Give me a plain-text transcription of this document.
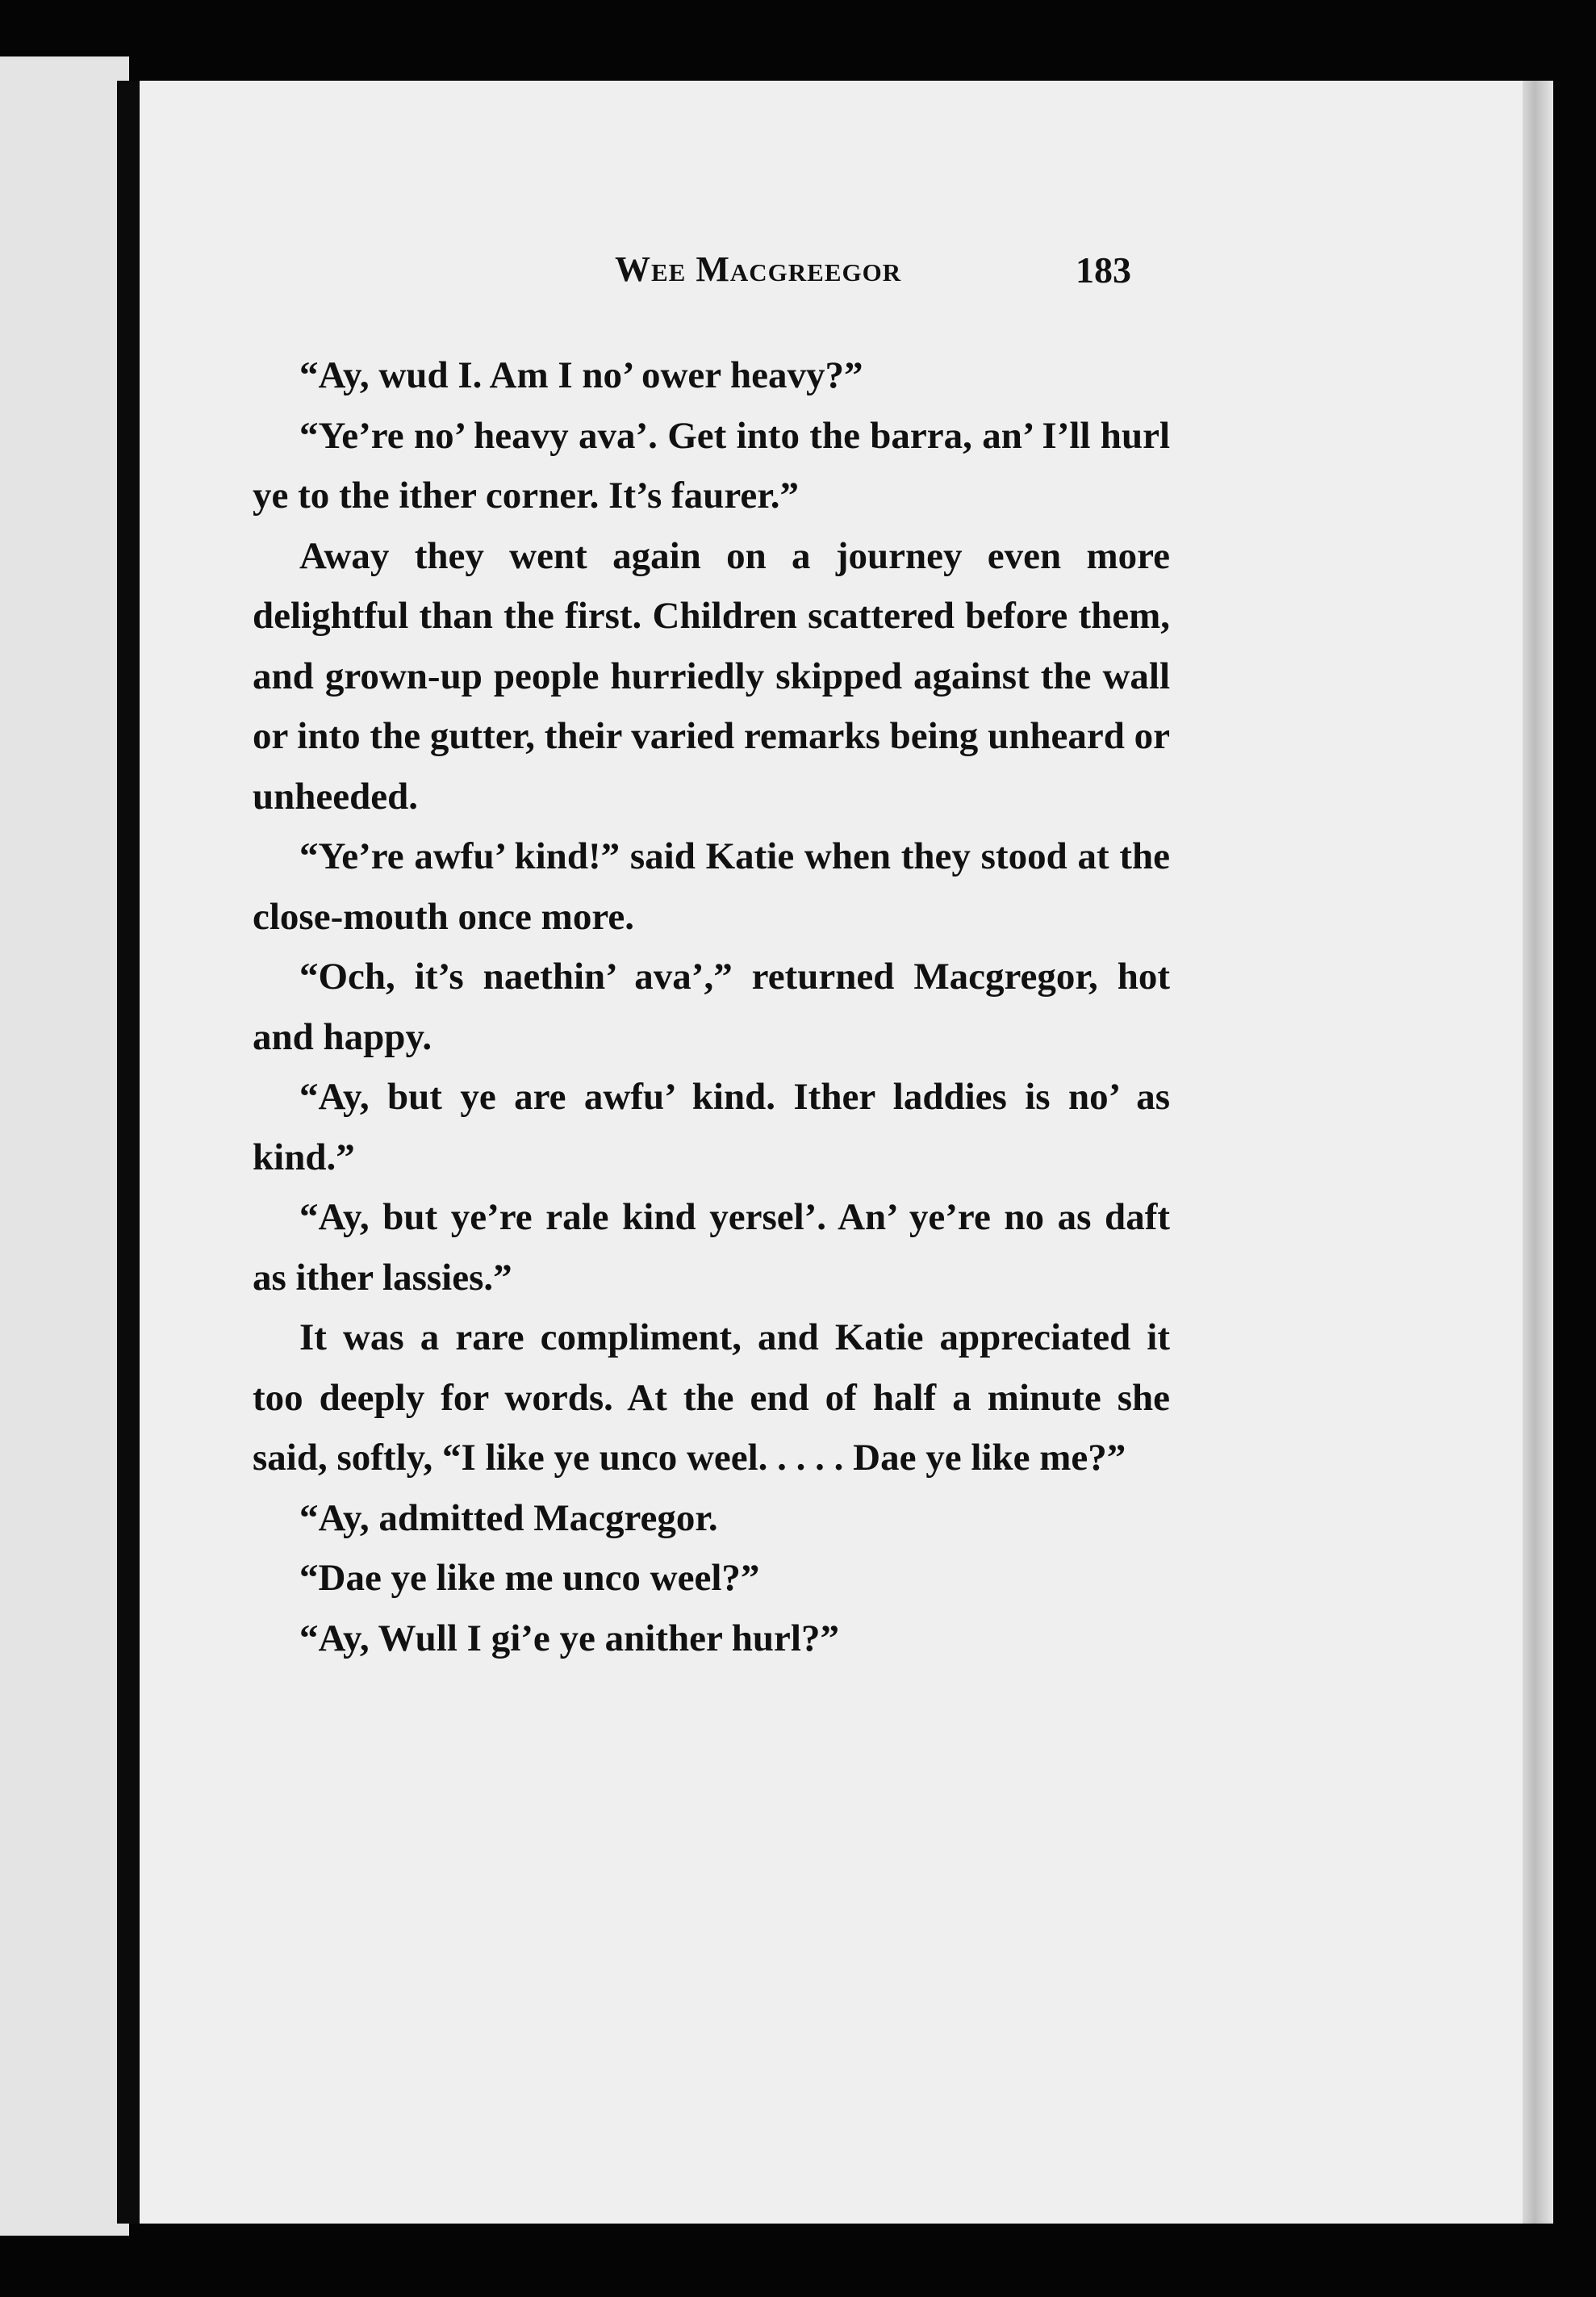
Wee Macgreegor	183

“Ay, wud I. Am I no’ ower heavy?”

“Ye’re no’ heavy ava’. Get into the barra, an’ I’ll hurl ye to the ither corner. It’s faurer.”

Away they went again on a journey even more delightful than the first. Children scattered before them, and grown-up people hurriedly skipped against the wall or into the gutter, their varied remarks being unheard or unheeded.

“Ye’re awfu’ kind!” said Katie when they stood at the close-mouth once more.

“Och, it’s naethin’ ava’,” returned Macgregor, hot and happy.

“Ay, but ye are awfu’ kind. Ither laddies is no’ as kind.”

“Ay, but ye’re rale kind yersel’. An’ ye’re no as daft as ither lassies.”

It was a rare compliment, and Katie appreciated it too deeply for words. At the end of half a minute she said, softly, “I like ye unco weel. . . . . Dae ye like me?”

“Ay, admitted Macgregor.

“Dae ye like me unco weel?”

“Ay, Wull I gi’e ye anither hurl?”
